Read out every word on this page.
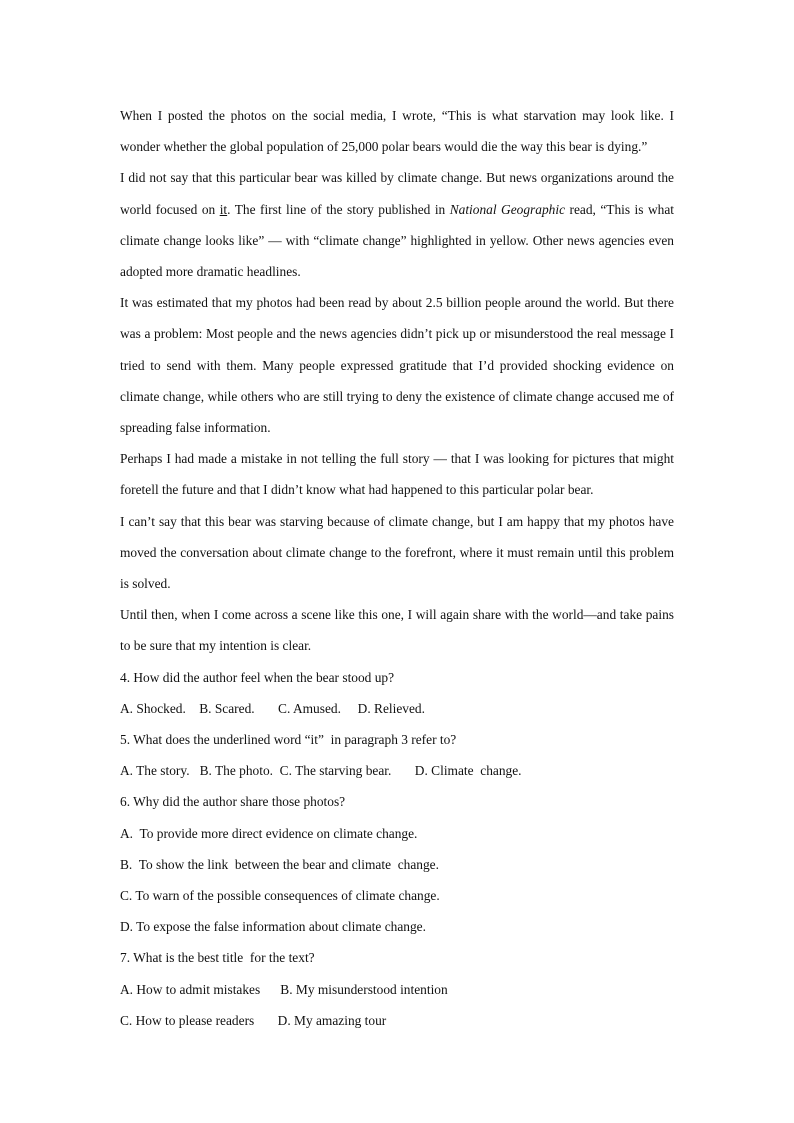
When I posted the photos on the social media, I wrote, “This is what starvation may look like. I wonder whether the global population of 25,000 polar bears would die the way this bear is dying.”

I did not say that this particular bear was killed by climate change. But news organizations around the world focused on it. The first line of the story published in National Geographic read, “This is what climate change looks like” — with “climate change” highlighted in yellow. Other news agencies even adopted more dramatic headlines.

It was estimated that my photos had been read by about 2.5 billion people around the world. But there was a problem: Most people and the news agencies didn’t pick up or misunderstood the real message I tried to send with them. Many people expressed gratitude that I’d provided shocking evidence on climate change, while others who are still trying to deny the existence of climate change accused me of spreading false information.

Perhaps I had made a mistake in not telling the full story — that I was looking for pictures that might foretell the future and that I didn’t know what had happened to this particular polar bear.

I can’t say that this bear was starving because of climate change, but I am happy that my photos have moved the conversation about climate change to the forefront, where it must remain until this problem is solved.

Until then, when I come across a scene like this one, I will again share with the world—and take pains to be sure that my intention is clear.

4. How did the author feel when the bear stood up?

A. Shocked.    B. Scared.       C. Amused.     D. Relieved.

5. What does the underlined word “it”  in paragraph 3 refer to?

A. The story.   B. The photo.  C. The starving bear.       D. Climate  change.

6. Why did the author share those photos?

A.  To provide more direct evidence on climate change.

B.  To show the link  between the bear and climate  change.

C. To warn of the possible consequences of climate change.

D. To expose the false information about climate change.

7. What is the best title  for the text?

A. How to admit mistakes      B. My misunderstood intention

C. How to please readers       D. My amazing tour
